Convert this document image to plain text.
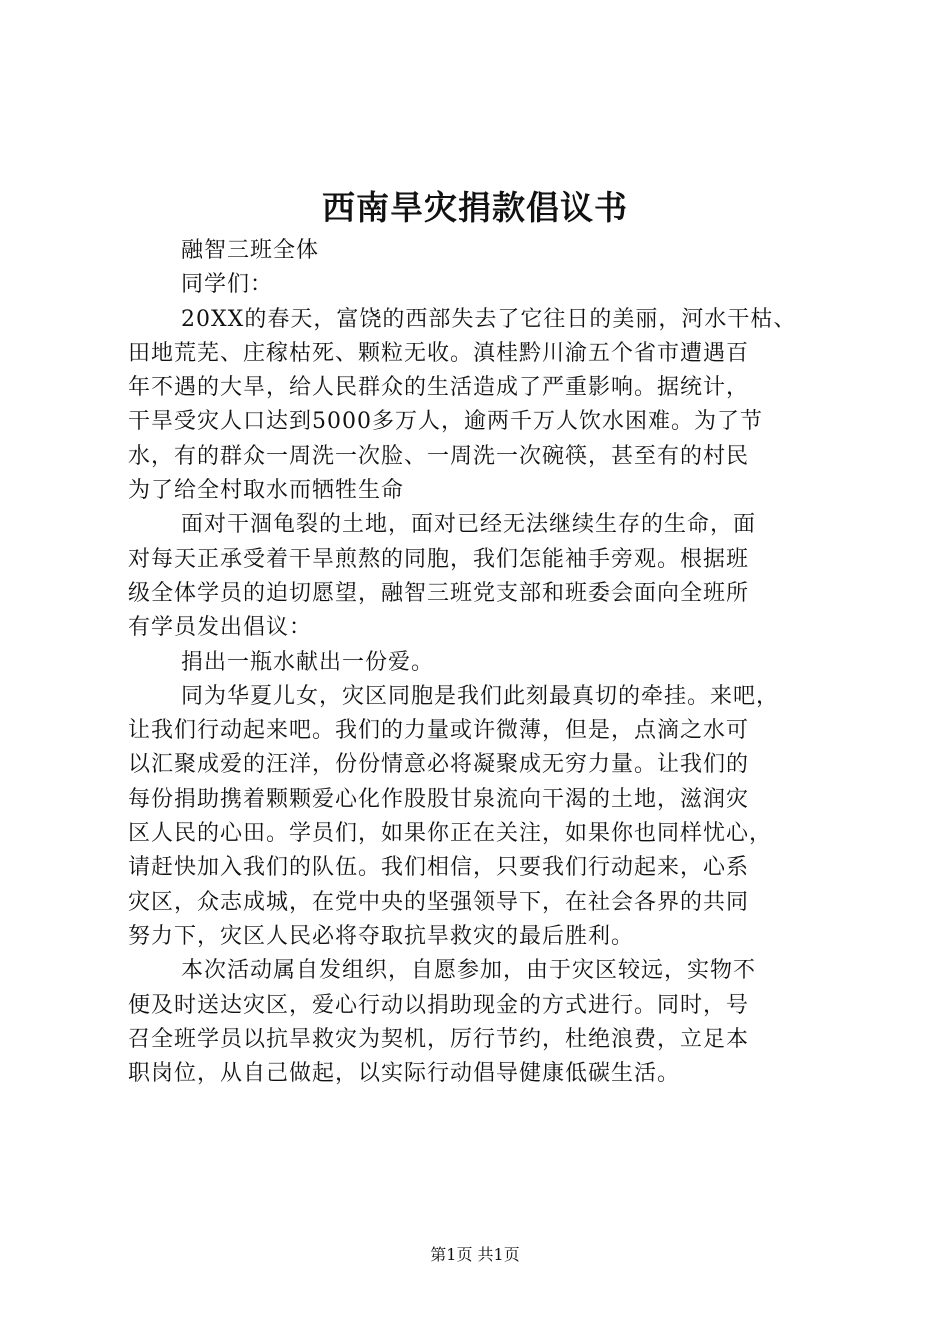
西南旱灾捐款倡议书
融智三班全体
同学们：
20XX的春天，富饶的西部失去了它往日的美丽，河水干枯、
田地荒芜、庄稼枯死、颗粒无收。滇桂黔川渝五个省市遭遇百
年不遇的大旱，给人民群众的生活造成了严重影响。据统计，
干旱受灾人口达到5000多万人，逾两千万人饮水困难。为了节
水，有的群众一周洗一次脸、一周洗一次碗筷，甚至有的村民
为了给全村取水而牺牲生命
面对干涸龟裂的土地，面对已经无法继续生存的生命，面
对每天正承受着干旱煎熬的同胞，我们怎能袖手旁观。根据班
级全体学员的迫切愿望，融智三班党支部和班委会面向全班所
有学员发出倡议：
捐出一瓶水献出一份爱。
同为华夏儿女，灾区同胞是我们此刻最真切的牵挂。来吧，
让我们行动起来吧。我们的力量或许微薄，但是，点滴之水可
以汇聚成爱的汪洋，份份情意必将凝聚成无穷力量。让我们的
每份捐助携着颗颗爱心化作股股甘泉流向干渴的土地，滋润灾
区人民的心田。学员们，如果你正在关注，如果你也同样忧心，
请赶快加入我们的队伍。我们相信，只要我们行动起来，心系
灾区，众志成城，在党中央的坚强领导下，在社会各界的共同
努力下，灾区人民必将夺取抗旱救灾的最后胜利。
本次活动属自发组织，自愿参加，由于灾区较远，实物不
便及时送达灾区，爱心行动以捐助现金的方式进行。同时，号
召全班学员以抗旱救灾为契机，厉行节约，杜绝浪费，立足本
职岗位，从自己做起，以实际行动倡导健康低碳生活。
第1页 共1页
